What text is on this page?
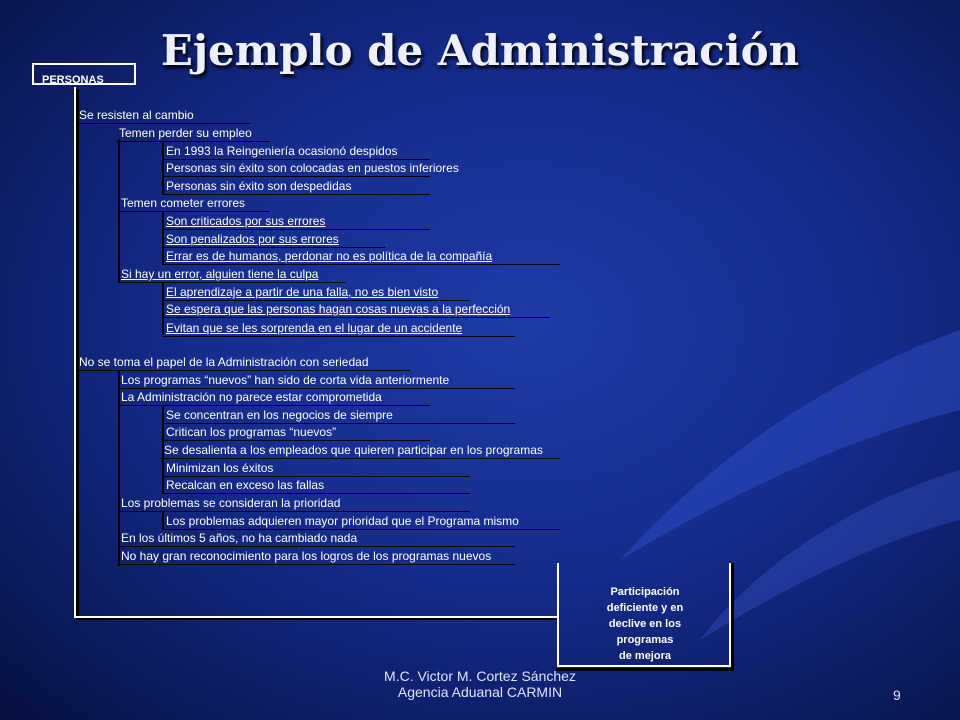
Ejemplo de Administración
PERSONAS
Se resisten al cambio
Temen perder su empleo
En 1993 la Reingeniería ocasionó despidos
Personas sin éxito son colocadas en puestos inferiores
Personas sin éxito son despedidas
Temen cometer errores
Son criticados por sus errores
Son penalizados por sus errores
Errar es de humanos, perdonar no es política de la compañía
Si hay un error, alguien tiene la culpa
El aprendizaje a partir de una falla, no es bien visto
Se espera que las personas hagan cosas nuevas a la perfección
Evitan que se les sorprenda en el lugar de un accidente
No se toma el papel de la Administración con seriedad
Los programas “nuevos” han sido de corta vida anteriormente
La Administración no parece estar comprometida
Se concentran en los negocios de siempre
Critican los programas “nuevos”
Se desalienta a los empleados que quieren participar en los programas
Minimizan los éxitos
Recalcan en exceso las fallas
Los problemas se consideran la prioridad
Los problemas adquieren mayor prioridad que el Programa mismo
En los últimos 5 años, no ha cambiado nada
No hay gran reconocimiento para los logros de los programas nuevos
Participación
deficiente y en
declive en los
programas
de mejora
M.C. Victor M. Cortez Sánchez
Agencia Aduanal CARMIN	9
